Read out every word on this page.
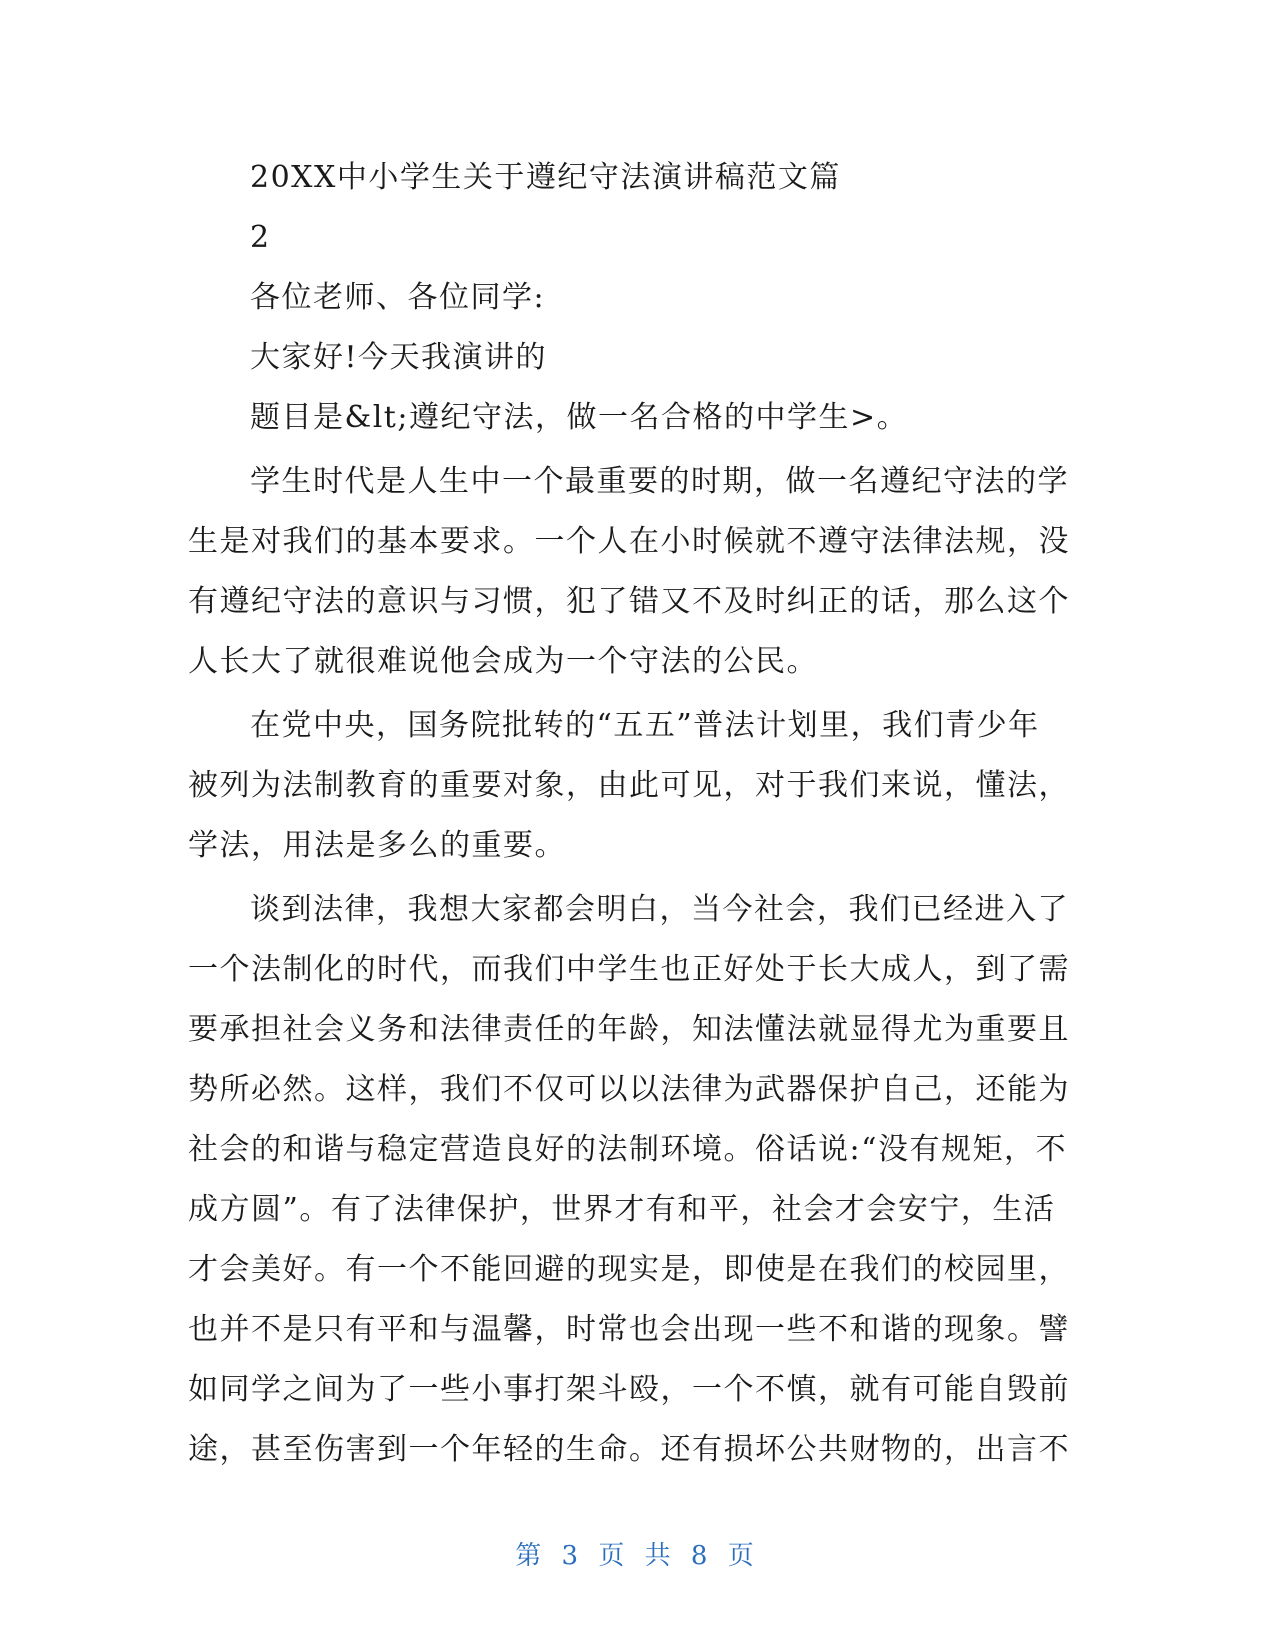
20XX中小学生关于遵纪守法演讲稿范文篇
2
各位老师、各位同学:
大家好!今天我演讲的
题目是&lt;遵纪守法，做一名合格的中学生>。
学生时代是人生中一个最重要的时期，做一名遵纪守法的学
生是对我们的基本要求。一个人在小时候就不遵守法律法规，没
有遵纪守法的意识与习惯，犯了错又不及时纠正的话，那么这个
人长大了就很难说他会成为一个守法的公民。
在党中央，国务院批转的“五五”普法计划里，我们青少年
被列为法制教育的重要对象，由此可见，对于我们来说，懂法，
学法，用法是多么的重要。
谈到法律，我想大家都会明白，当今社会，我们已经进入了
一个法制化的时代，而我们中学生也正好处于长大成人，到了需
要承担社会义务和法律责任的年龄，知法懂法就显得尤为重要且
势所必然。这样，我们不仅可以以法律为武器保护自己，还能为
社会的和谐与稳定营造良好的法制环境。俗话说:“没有规矩，不
成方圆”。有了法律保护，世界才有和平，社会才会安宁，生活
才会美好。有一个不能回避的现实是，即使是在我们的校园里，
也并不是只有平和与温馨，时常也会出现一些不和谐的现象。譬
如同学之间为了一些小事打架斗殴，一个不慎，就有可能自毁前
途，甚至伤害到一个年轻的生命。还有损坏公共财物的，出言不
第 3 页 共 8 页
